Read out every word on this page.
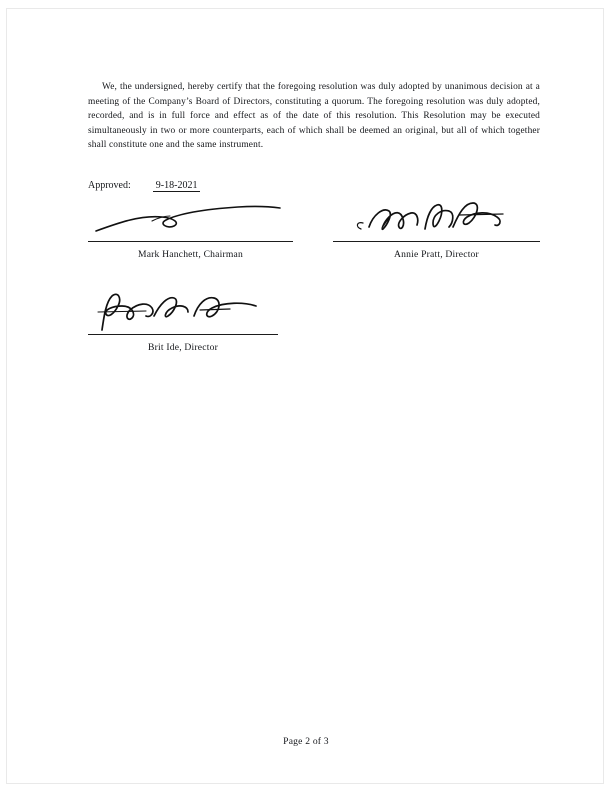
We, the undersigned, hereby certify that the foregoing resolution was duly adopted by unanimous decision at a meeting of the Company’s Board of Directors, constituting a quorum. The foregoing resolution was duly adopted, recorded, and is in full force and effect as of the date of this resolution. This Resolution may be executed simultaneously in two or more counterparts, each of which shall be deemed an original, but all of which together shall constitute one and the same instrument.

Approved:	9-18-2021
Mark Hanchett, Chairman	Annie Pratt, Director
Brit Ide, Director
Page 2 of 3
